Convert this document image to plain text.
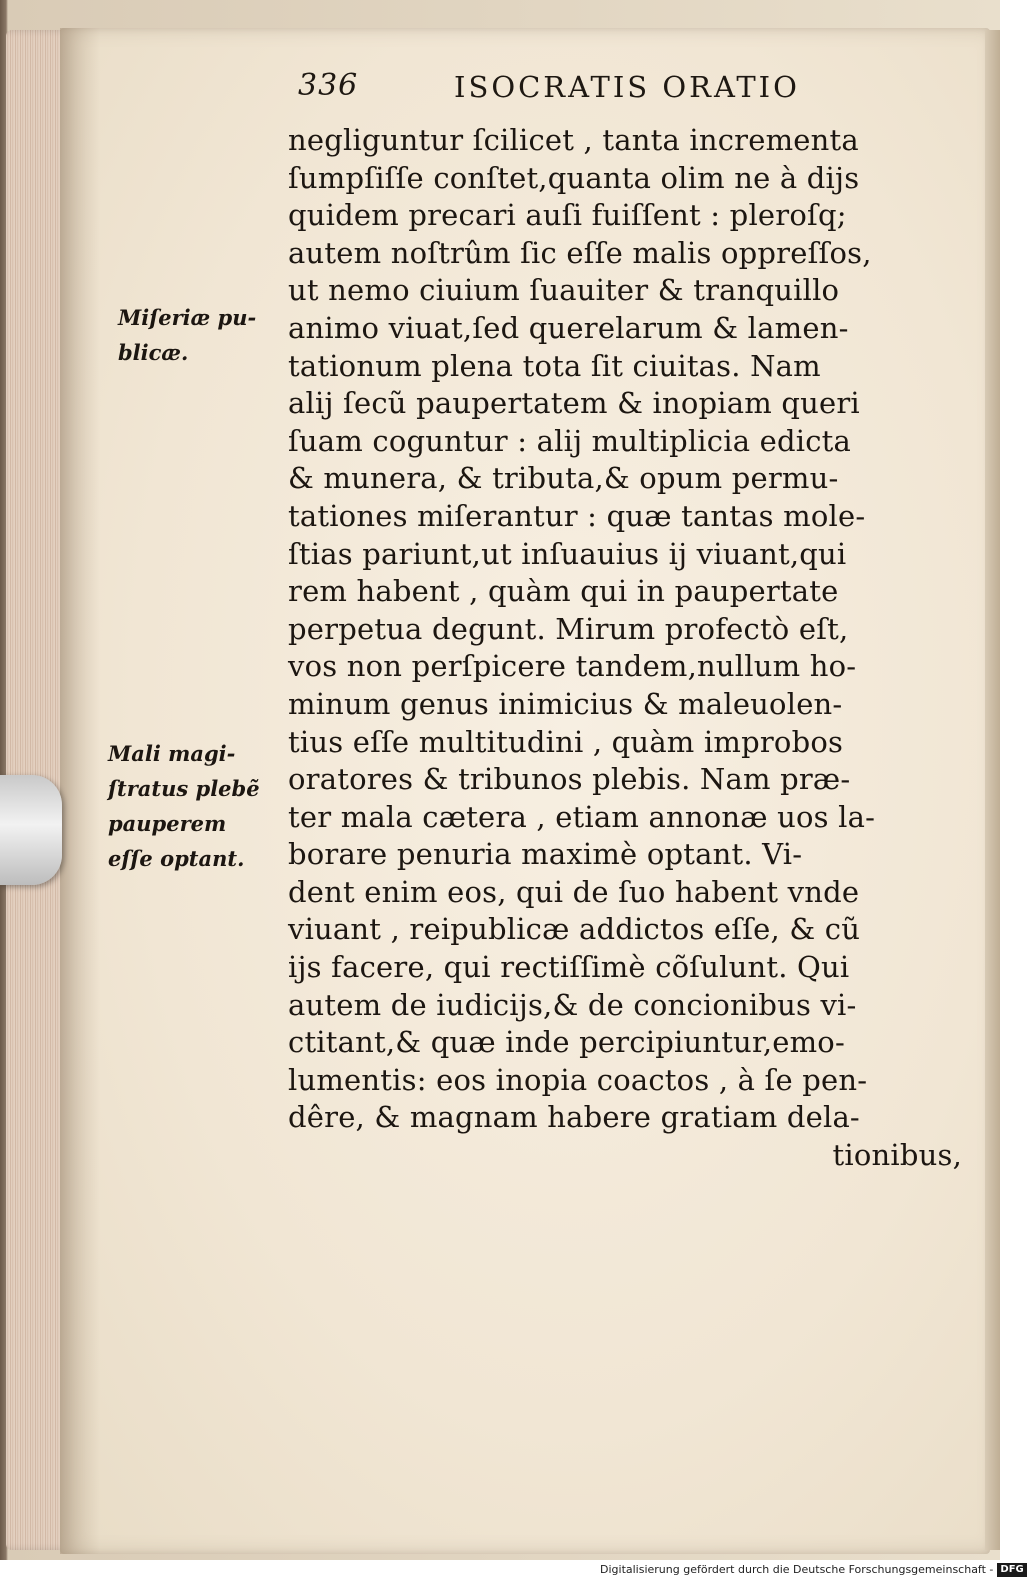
336	ISOCRATIS ORATIO
negliguntur ſcilicet , tanta incrementa
ſumpſiſſe conſtet,quanta olim ne à dijs
quidem precari auſi fuiſſent : pleroſq;
autem noſtrûm ſic eſſe malis oppreſſos,
ut nemo ciuium ſuauiter & tranquillo
animo viuat,ſed querelarum & lamen-
tationum plena tota ſit ciuitas. Nam
alij ſecũ paupertatem & inopiam queri
ſuam coguntur : alij multiplicia edicta
& munera, & tributa,& opum permu-
tationes miſerantur : quæ tantas mole-
ſtias pariunt,ut inſuauius ij viuant,qui
rem habent , quàm qui in paupertate
perpetua degunt. Mirum profectò eſt,
vos non perſpicere tandem,nullum ho-
minum genus inimicius & maleuolen-
tius eſſe multitudini , quàm improbos
oratores & tribunos plebis. Nam præ-
ter mala cætera , etiam annonæ uos la-
borare penuria maximè optant. Vi-
dent enim eos, qui de ſuo habent vnde
viuant , reipublicæ addictos eſſe, & cũ
ijs facere, qui rectiſſimè cõſulunt. Qui
autem de iudicijs,& de concionibus vi-
ctitant,& quæ inde percipiuntur,emo-
lumentis: eos inopia coactos , à ſe pen-
dêre, & magnam habere gratiam dela-
tionibus,
Miſeriæ pu-
blicæ.
Mali magi-
ſtratus plebẽ
pauperem
eſſe optant.
Digitalisierung gefördert durch die Deutsche Forschungsgemeinschaft - DFG
